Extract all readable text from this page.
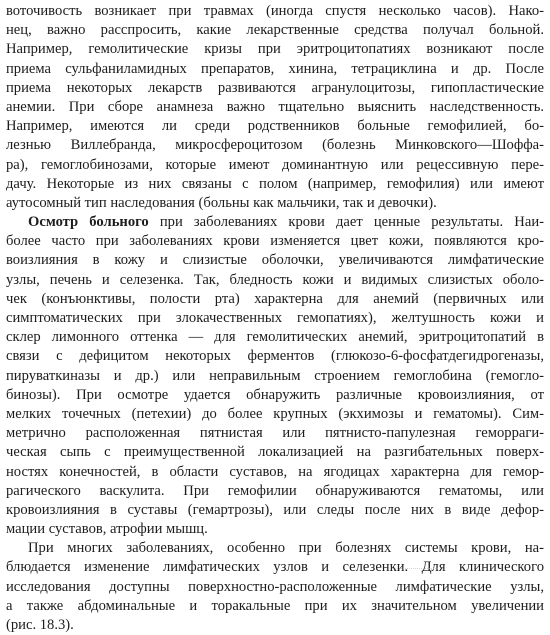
воточивость возникает при травмах (иногда спустя несколько часов). Нако-
нец, важно расспросить, какие лекарственные средства получал больной.
Например, гемолитические кризы при эритроцитопатиях возникают после
приема сульфаниламидных препаратов, хинина, тетрациклина и др. После
приема некоторых лекарств развиваются агранулоцитозы, гипопластические
анемии. При сборе анамнеза важно тщательно выяснить наследственность.
Например, имеются ли среди родственников больные гемофилией, бо-
лезнью Виллебранда, микросфероцитозом (болезнь Минковского—Шоффа-
ра), гемоглобинозами, которые имеют доминантную или рецессивную пере-
дачу. Некоторые из них связаны с полом (например, гемофилия) или имеют
аутосомный тип наследования (больны как мальчики, так и девочки).
Осмотр больного при заболеваниях крови дает ценные результаты. Наи-
более часто при заболеваниях крови изменяется цвет кожи, появляются кро-
воизлияния в кожу и слизистые оболочки, увеличиваются лимфатические
узлы, печень и селезенка. Так, бледность кожи и видимых слизистых оболо-
чек (конъюнктивы, полости рта) характерна для анемий (первичных или
симптоматических при злокачественных гемопатиях), желтушность кожи и
склер лимонного оттенка — для гемолитических анемий, эритроцитопатий в
связи с дефицитом некоторых ферментов (глюкозо-6-фосфатдегидрогеназы,
пируваткиназы и др.) или неправильным строением гемоглобина (гемогло-
бинозы). При осмотре удается обнаружить различные кровоизлияния, от
мелких точечных (петехии) до более крупных (экхимозы и гематомы). Сим-
метрично расположенная пятнистая или пятнисто-папулезная геморраги-
ческая сыпь с преимущественной локализацией на разгибательных поверх-
ностях конечностей, в области суставов, на ягодицах характерна для гемор-
рагического васкулита. При гемофилии обнаруживаются гематомы, или
кровоизлияния в суставы (гемартрозы), или следы после них в виде дефор-
мации суставов, атрофии мышц.
При многих заболеваниях, особенно при болезнях системы крови, на-
блюдается изменение лимфатических узлов и селезенки. Для клинического
исследования доступны поверхностно-расположенные лимфатические узлы,
а также абдоминальные и торакальные при их значительном увеличении
(рис. 18.3).
